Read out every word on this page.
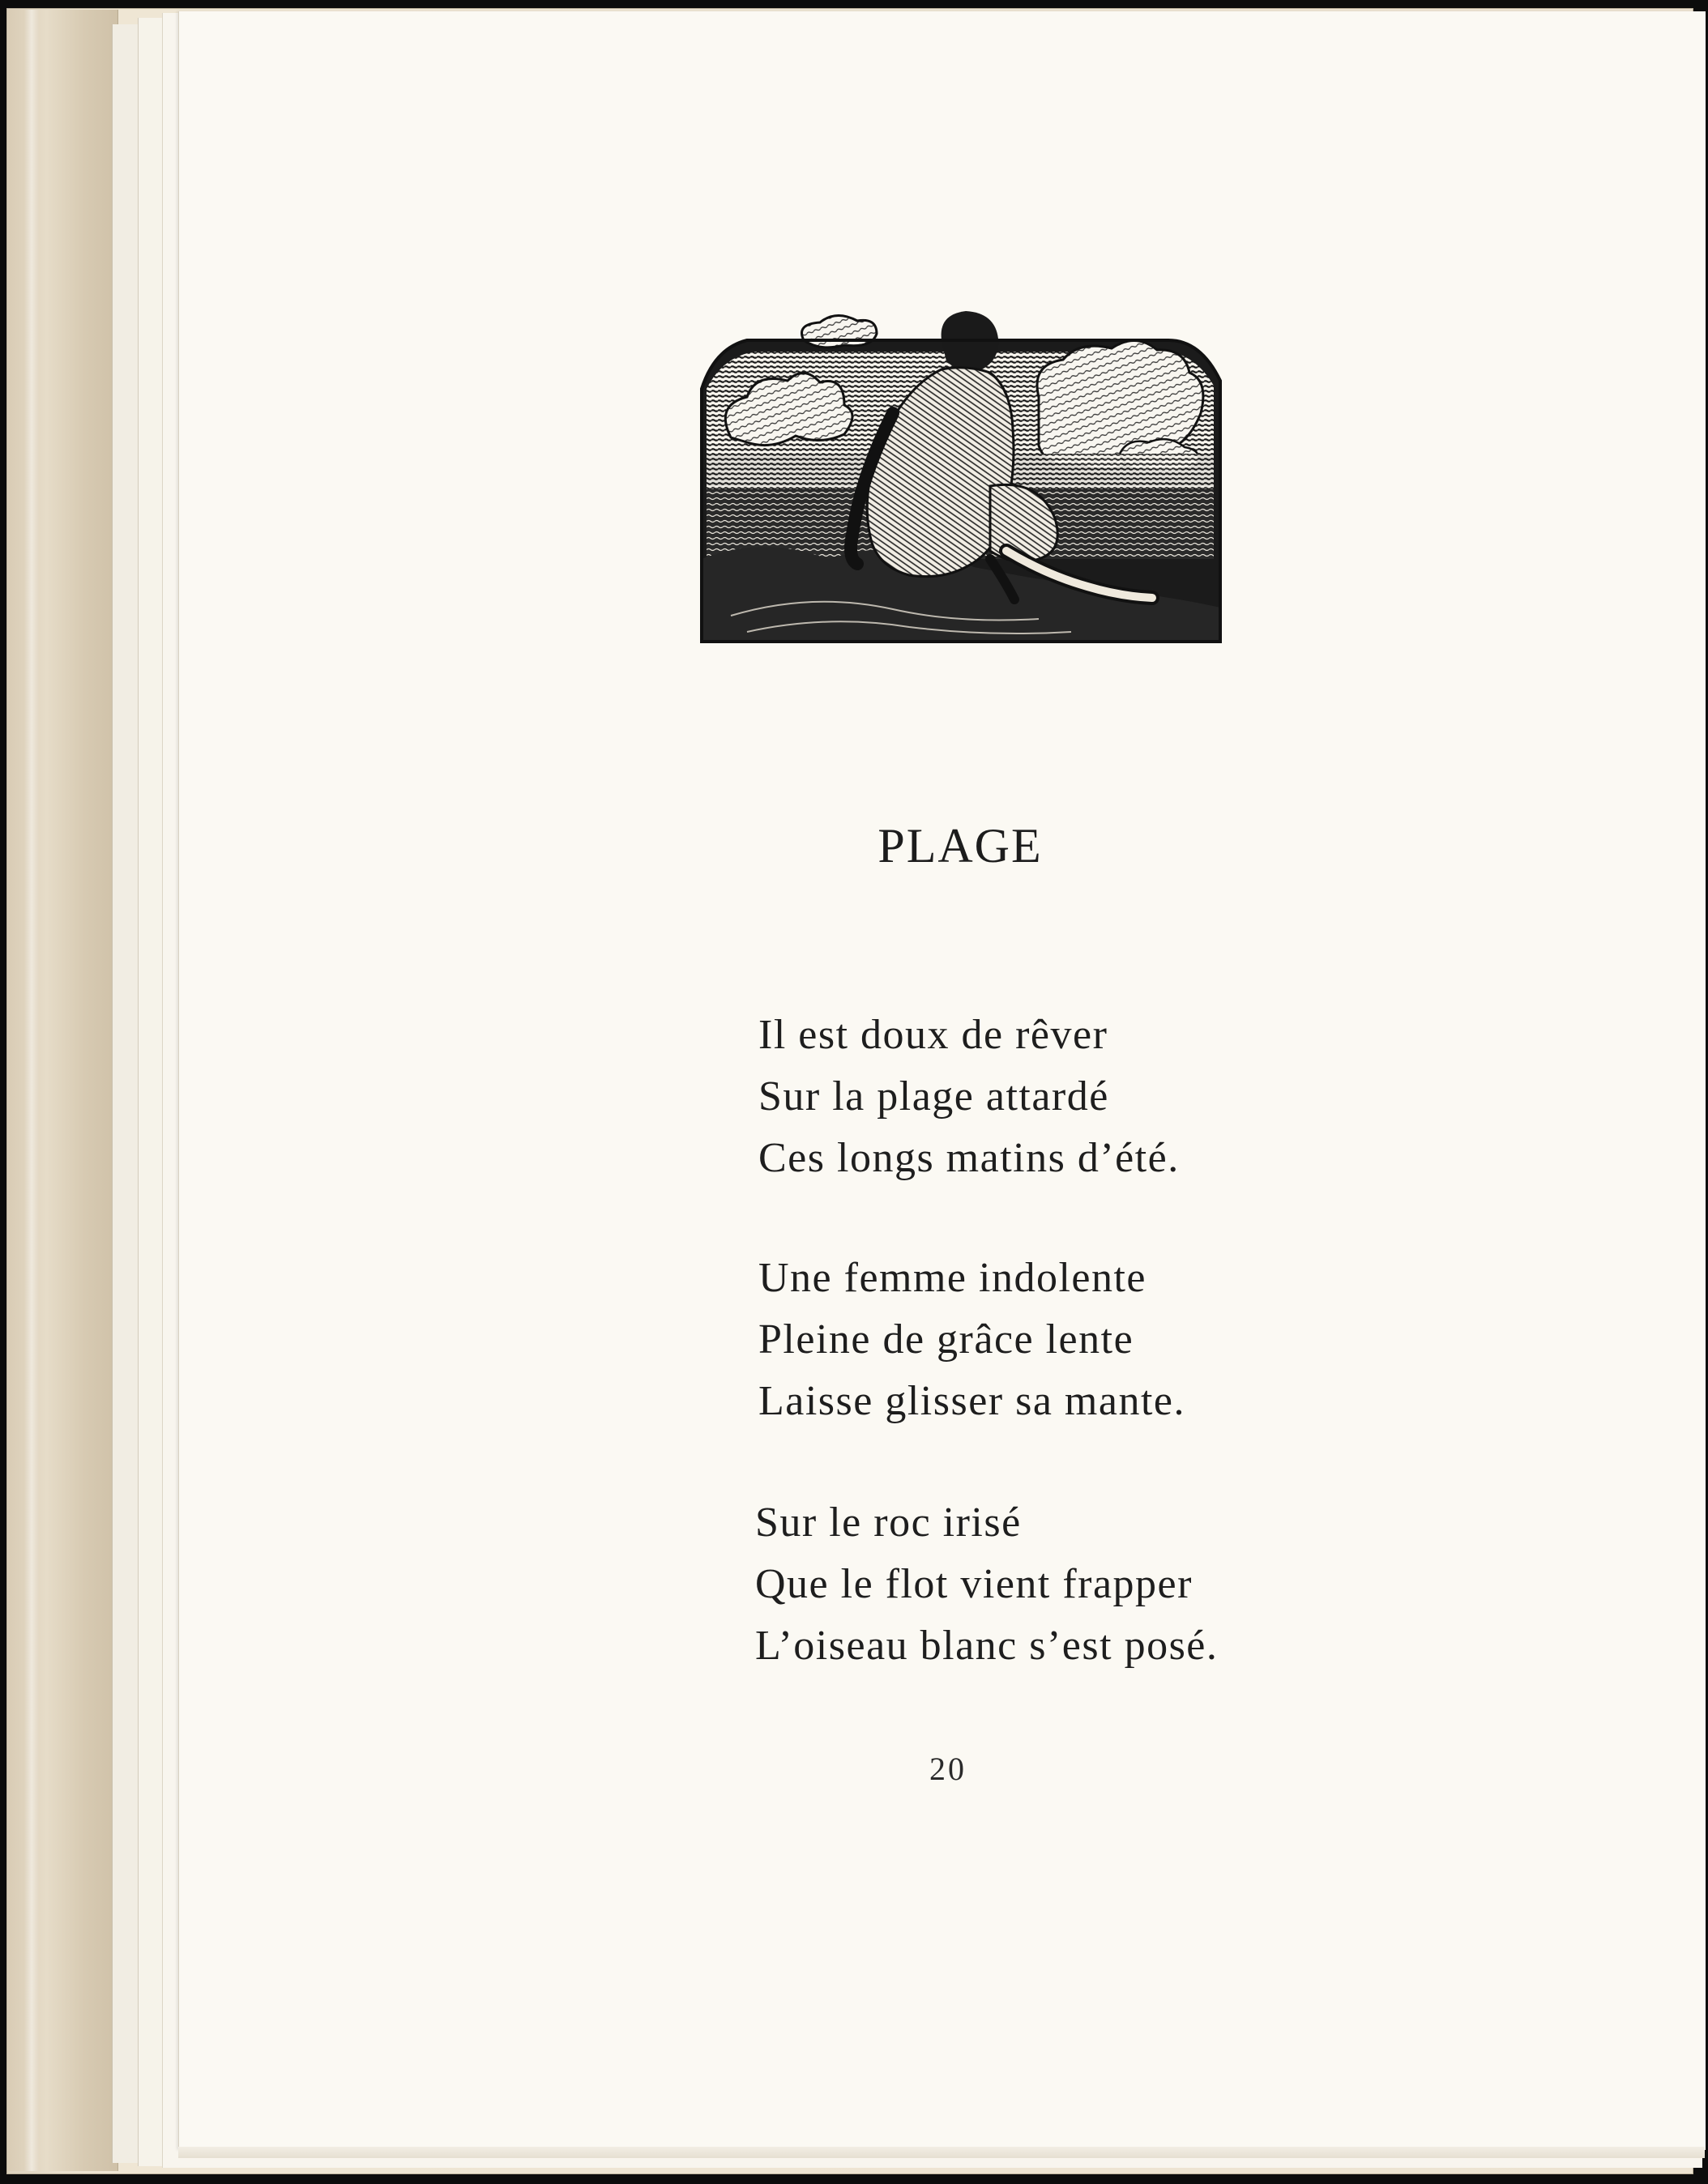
PLAGE
Il est doux de rêver
Sur la plage attardé
Ces longs matins d’été.
Une femme indolente
Pleine de grâce lente
Laisse glisser sa mante.
Sur le roc irisé
Que le flot vient frapper
L’oiseau blanc s’est posé.
20
